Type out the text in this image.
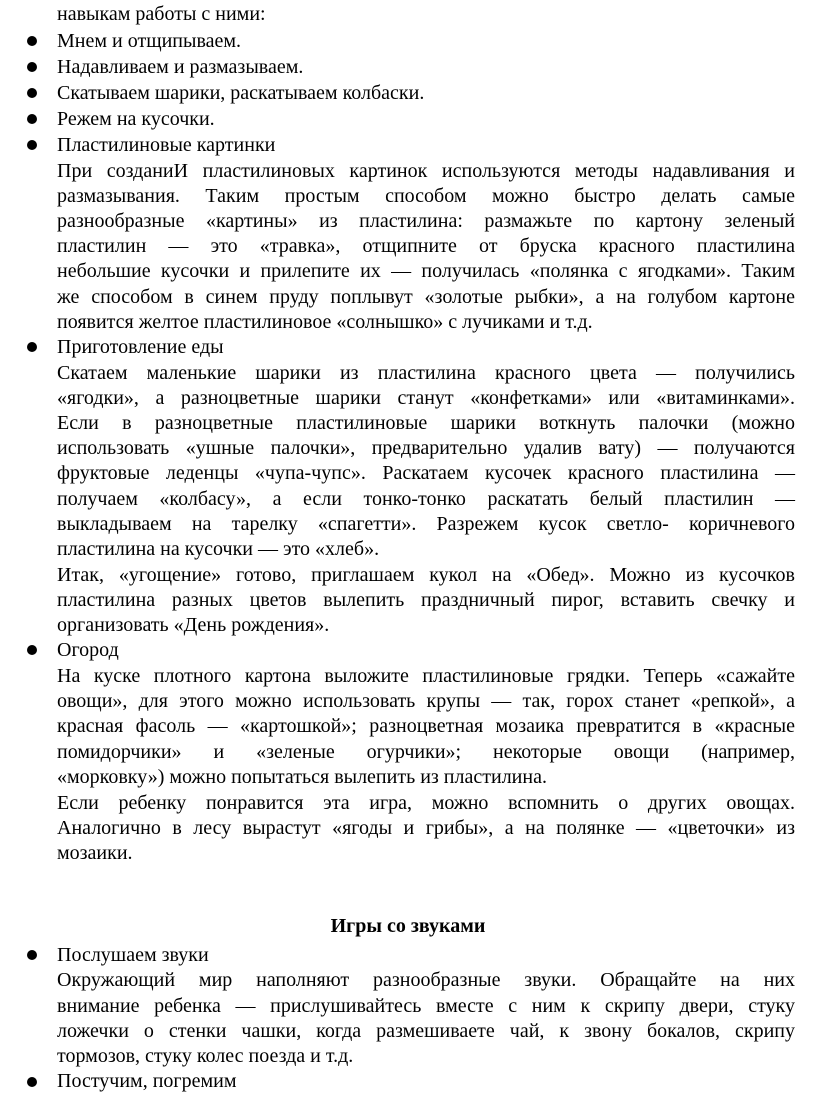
навыкам работы с ними:
Мнем и отщипываем.
Надавливаем и размазываем.
Скатываем шарики, раскатываем колбаски.
Режем на кусочки.
Пластилиновые картинки
При созданиИ пластилиновых картинок используются методы надавливания и
размазывания. Таким простым способом можно быстро делать самые
разнообразные «картины» из пластилина: размажьте по картону зеленый
пластилин — это «травка», отщипните от бруска красного пластилина
небольшие кусочки и прилепите их — получилась «полянка с ягодками». Таким
же способом в синем пруду поплывут «золотые рыбки», а на голубом картоне
появится желтое пластилиновое «солнышко» с лучиками и т.д.
Приготовление еды
Скатаем маленькие шарики из пластилина красного цвета — получились
«ягодки», а разноцветные шарики станут «конфетками» или «витаминками».
Если в разноцветные пластилиновые шарики воткнуть палочки (можно
использовать «ушные палочки», предварительно удалив вату) — получаются
фруктовые леденцы «чупа-чупс». Раскатаем кусочек красного пластилина —
получаем «колбасу», а если тонко-тонко раскатать белый пластилин —
выкладываем на тарелку «спагетти». Разрежем кусок светло- коричневого
пластилина на кусочки — это «хлеб».
Итак, «угощение» готово, приглашаем кукол на «Обед». Можно из кусочков
пластилина разных цветов вылепить праздничный пирог, вставить свечку и
организовать «День рождения».
Огород
На куске плотного картона выложите пластилиновые грядки. Теперь «сажайте
овощи», для этого можно использовать крупы — так, горох станет «репкой», а
красная фасоль — «картошкой»; разноцветная мозаика превратится в «красные
помидорчики» и «зеленые огурчики»; некоторые овощи (например,
«морковку») можно попытаться вылепить из пластилина.
Если ребенку понравится эта игра, можно вспомнить о других овощах.
Аналогично в лесу вырастут «ягоды и грибы», а на полянке — «цветочки» из
мозаики.
Игры со звуками
Послушаем звуки
Окружающий мир наполняют разнообразные звуки. Обращайте на них
внимание ребенка — прислушивайтесь вместе с ним к скрипу двери, стуку
ложечки о стенки чашки, когда размешиваете чай, к звону бокалов, скрипу
тормозов, стуку колес поезда и т.д.
Постучим, погремим
